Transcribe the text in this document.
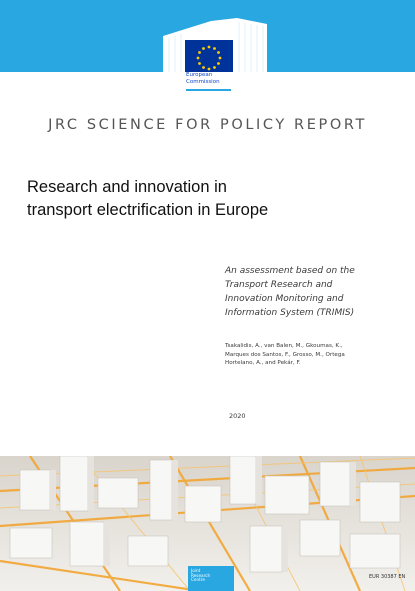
European
Commission
JRC SCIENCE FOR POLICY REPORT
Research and innovation in
transport electrification in Europe
An assessment based on the
Transport Research and
Innovation Monitoring and
Information System (TRIMIS)
Tsakalidis, A., van Balen, M., Gkoumas, K.,
Marques dos Santos, F., Grosso, M., Ortega
Hortelano, A., and Pekár, F.
2020
Joint
Research
Centre	EUR 30387 EN
